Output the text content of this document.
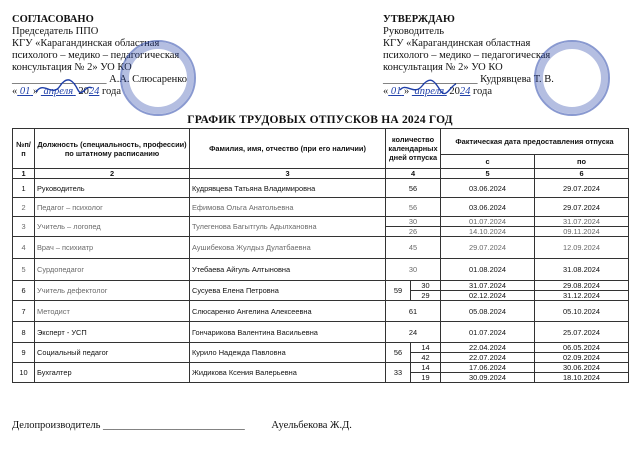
СОГЛАСОВАНО
Председатель ППО
КГУ «Карагандинская областная
психолого – медико – педагогическая
консультация № 2» УО КО
__________________ А.А. Слюсаренко
« 01 » апреля 2024 года
УТВЕРЖДАЮ
Руководитель
КГУ «Карагандинская областная
психолого – медико – педагогическая
консультация № 2» УО КО
__________________ Кудрявцева Т. В.
« 01 » апреля 2024 года
ГРАФИК ТРУДОВЫХ ОТПУСКОВ НА 2024 ГОД
№п/п	Должность (специальность, профессии) по штатному расписанию	Фамилия, имя, отчество (при его наличии)	количество календарных дней отпуска		Фактическая дата предоставления отпуска	
					с	по
1	2	3	4		5	6
1	Руководитель	Кудрявцева Татьяна Владимировна	56		03.06.2024	29.07.2024
2	Педагог – психолог	Ефимова Ольга Анатольевна	56		03.06.2024	29.07.2024
3	Учитель – логопед	Тулегенова Багытгуль Адылхановна	30		01.07.2024	31.07.2024
			26		14.10.2024	09.11.2024
4	Врач – психиатр	Аушибекова Жулдыз Дулатбаевна	45		29.07.2024	12.09.2024
5	Сурдопедагог	Утебаева Айгуль Алтыновна	30		01.08.2024	31.08.2024
6	Учитель дефектолог	Сусуева Елена Петровна	59	30	31.07.2024	29.08.2024
				29	02.12.2024	31.12.2024
7	Методист	Слюсаренко Ангелина Алексеевна	61		05.08.2024	05.10.2024
8	Эксперт - УСП	Гончарикова Валентина Васильевна	24		01.07.2024	25.07.2024
9	Социальный педагог	Курило Надежда Павловна	56	14	22.04.2024	06.05.2024
				42	22.07.2024	02.09.2024
10	Бухгалтер	Жидикова Ксения Валерьевна	33	14	17.06.2024	30.06.2024
				19	30.09.2024	18.10.2024
Делопроизводитель ___________________________	Ауельбекова Ж.Д.
